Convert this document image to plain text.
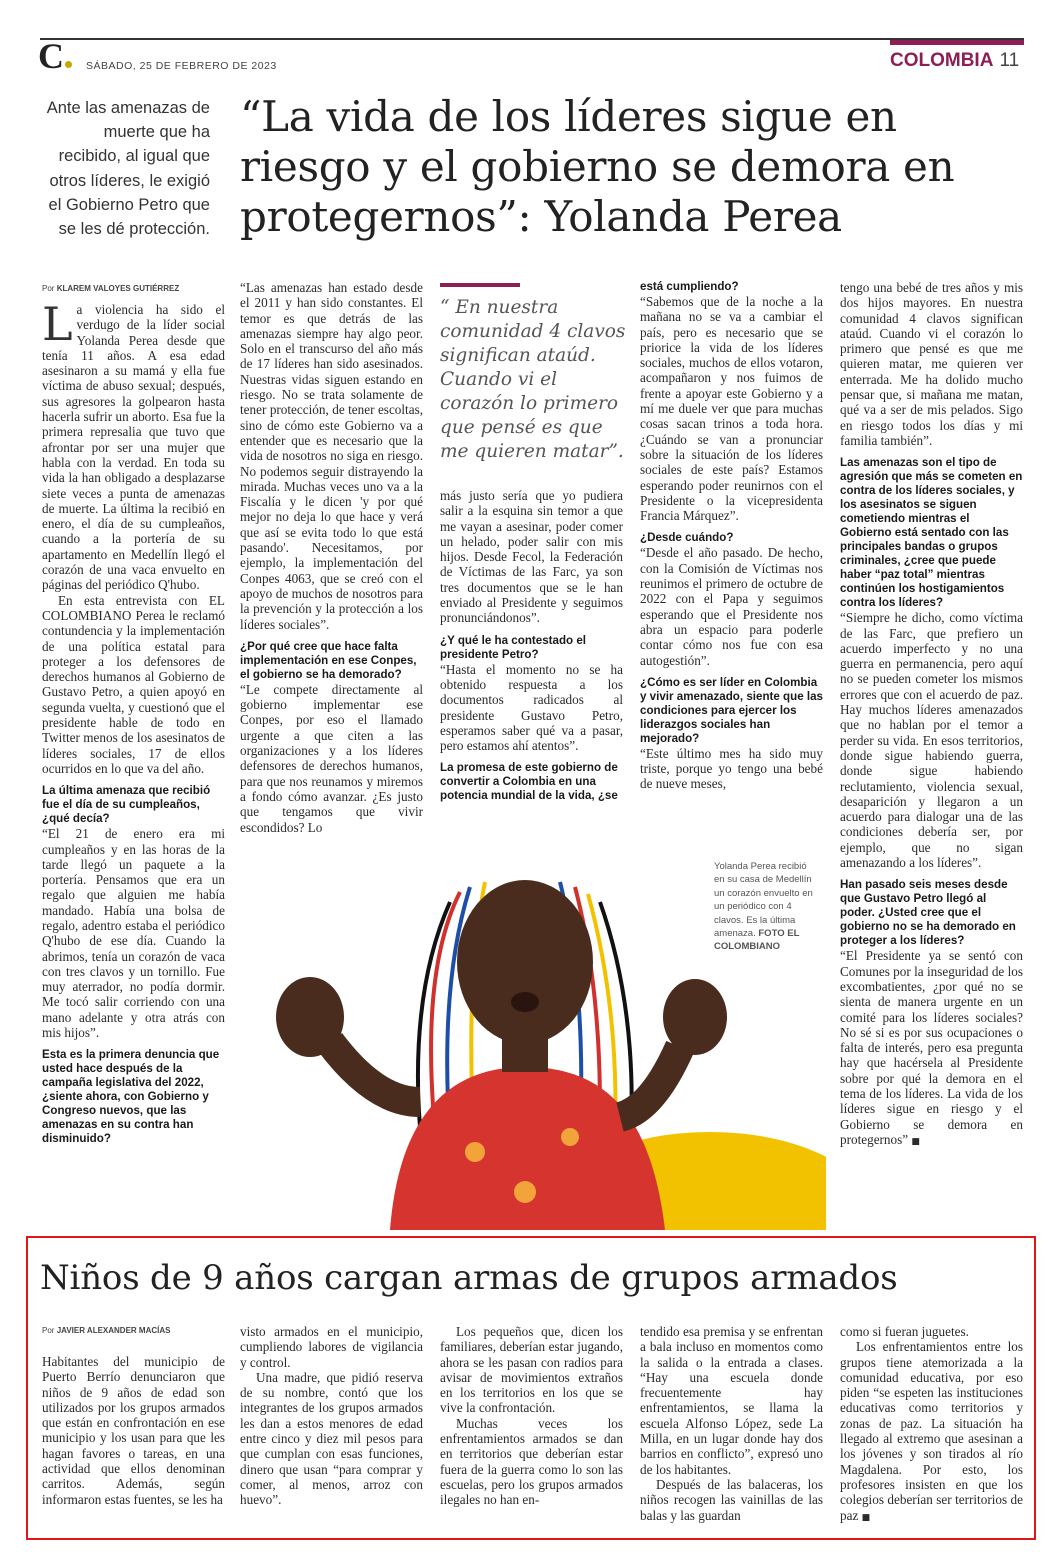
C	SÁBADO, 25 DE FEBRERO DE 2023	COLOMBIA 11
Ante las amenazas de muerte que ha recibido, al igual que otros líderes, le exigió el Gobierno Petro que se les dé protección.
“La vida de los líderes sigue en riesgo y el gobierno se demora en protegernos”: Yolanda Perea
Por KLAREM VALOYES GUTIÉRREZ

La violencia ha sido el verdugo de la líder social Yolanda Perea desde que tenía 11 años. A esa edad asesinaron a su mamá y ella fue víctima de abuso sexual; después, sus agresores la golpearon hasta hacerla sufrir un aborto. Esa fue la primera represalia que tuvo que afrontar por ser una mujer que habla con la verdad. En toda su vida la han obligado a desplazarse siete veces a punta de amenazas de muerte. La última la recibió en enero, el día de su cumpleaños, cuando a la portería de su apartamento en Medellín llegó el corazón de una vaca envuelto en páginas del periódico Q'hubo.

En esta entrevista con EL COLOMBIANO Perea le reclamó contundencia y la implementación de una política estatal para proteger a los defensores de derechos humanos al Gobierno de Gustavo Petro, a quien apoyó en segunda vuelta, y cuestionó que el presidente hable de todo en Twitter menos de los asesinatos de líderes sociales, 17 de ellos ocurridos en lo que va del año.

La última amenaza que recibió fue el día de su cumpleaños, ¿qué decía?

“El 21 de enero era mi cumpleaños y en las horas de la tarde llegó un paquete a la portería. Pensamos que era un regalo que alguien me había mandado. Había una bolsa de regalo, adentro estaba el periódico Q'hubo de ese día. Cuando la abrimos, tenía un corazón de vaca con tres clavos y un tornillo. Fue muy aterrador, no podía dormir. Me tocó salir corriendo con una mano adelante y otra atrás con mis hijos”.

Esta es la primera denuncia que usted hace después de la campaña legislativa del 2022, ¿siente ahora, con Gobierno y Congreso nuevos, que las amenazas en su contra han disminuido?

“Las amenazas han estado desde el 2011 y han sido constantes. El temor es que detrás de las amenazas siempre hay algo peor. Solo en el transcurso del año más de 17 líderes han sido asesinados. Nuestras vidas siguen estando en riesgo. No se trata solamente de tener protección, de tener escoltas, sino de cómo este Gobierno va a entender que es necesario que la vida de nosotros no siga en riesgo. No podemos seguir distrayendo la mirada. Muchas veces uno va a la Fiscalía y le dicen 'y por qué mejor no deja lo que hace y verá que así se evita todo lo que está pasando'. Necesitamos, por ejemplo, la implementación del Conpes 4063, que se creó con el apoyo de muchos de nosotros para la prevención y la protección a los líderes sociales”.

¿Por qué cree que hace falta implementación en ese Conpes, el gobierno se ha demorado?

“Le compete directamente al gobierno implementar ese Conpes, por eso el llamado urgente a que citen a las organizaciones y a los líderes defensores de derechos humanos, para que nos reunamos y miremos a fondo cómo avanzar. ¿Es justo que tengamos que vivir escondidos? Lo

“ En nuestra comunidad 4 clavos significan ataúd. Cuando vi el corazón lo primero que pensé es que me quieren matar”.

más justo sería que yo pudiera salir a la esquina sin temor a que me vayan a asesinar, poder comer un helado, poder salir con mis hijos. Desde Fecol, la Federación de Víctimas de las Farc, ya son tres documentos que se le han enviado al Presidente y seguimos pronunciándonos”.

¿Y qué le ha contestado el presidente Petro?

“Hasta el momento no se ha obtenido respuesta a los documentos radicados al presidente Gustavo Petro, esperamos saber qué va a pasar, pero estamos ahí atentos”.

La promesa de este gobierno de convertir a Colombia en una potencia mundial de la vida, ¿se

está cumpliendo?

“Sabemos que de la noche a la mañana no se va a cambiar el país, pero es necesario que se priorice la vida de los líderes sociales, muchos de ellos votaron, acompañaron y nos fuimos de frente a apoyar este Gobierno y a mí me duele ver que para muchas cosas sacan trinos a toda hora. ¿Cuándo se van a pronunciar sobre la situación de los líderes sociales de este país? Estamos esperando poder reunirnos con el Presidente o la vicepresidenta Francia Márquez”.

¿Desde cuándo?

“Desde el año pasado. De hecho, con la Comisión de Víctimas nos reunimos el primero de octubre de 2022 con el Papa y seguimos esperando que el Presidente nos abra un espacio para poderle contar cómo nos fue con esa autogestión”.

¿Cómo es ser líder en Colombia y vivir amenazado, siente que las condiciones para ejercer los liderazgos sociales han mejorado?

“Este último mes ha sido muy triste, porque yo tengo una bebé de nueve meses,

tengo una bebé de tres años y mis dos hijos mayores. En nuestra comunidad 4 clavos significan ataúd. Cuando vi el corazón lo primero que pensé es que me quieren matar, me quieren ver enterrada. Me ha dolido mucho pensar que, si mañana me matan, qué va a ser de mis pelados. Sigo en riesgo todos los días y mi familia también”.

Las amenazas son el tipo de agresión que más se cometen en contra de los líderes sociales, y los asesinatos se siguen cometiendo mientras el Gobierno está sentado con las principales bandas o grupos criminales, ¿cree que puede haber “paz total” mientras continúen los hostigamientos contra los líderes?

“Siempre he dicho, como víctima de las Farc, que prefiero un acuerdo imperfecto y no una guerra en permanencia, pero aquí no se pueden cometer los mismos errores que con el acuerdo de paz. Hay muchos líderes amenazados que no hablan por el temor a perder su vida. En esos territorios, donde sigue habiendo guerra, donde sigue habiendo reclutamiento, violencia sexual, desaparición y llegaron a un acuerdo para dialogar una de las condiciones debería ser, por ejemplo, que no sigan amenazando a los líderes”.

Han pasado seis meses desde que Gustavo Petro llegó al poder. ¿Usted cree que el gobierno no se ha demorado en proteger a los líderes?

“El Presidente ya se sentó con Comunes por la inseguridad de los excombatientes, ¿por qué no se sienta de manera urgente en un comité para los líderes sociales? No sé si es por sus ocupaciones o falta de interés, pero esa pregunta hay que hacérsela al Presidente sobre por qué la demora en el tema de los líderes. La vida de los líderes sigue en riesgo y el Gobierno se demora en protegernos” ■

Yolanda Perea recibió en su casa de Medellín un corazón envuelto en un periódico con 4 clavos. Es la última amenaza. FOTO EL COLOMBIANO
Niños de 9 años cargan armas de grupos armados
Por JAVIER ALEXANDER MACÍAS

Habitantes del municipio de Puerto Berrío denunciaron que niños de 9 años de edad son utilizados por los grupos armados que están en confrontación en ese municipio y los usan para que les hagan favores o tareas, en una actividad que ellos denominan carritos. Además, según informaron estas fuentes, se les ha

visto armados en el municipio, cumpliendo labores de vigilancia y control.

Una madre, que pidió reserva de su nombre, contó que los integrantes de los grupos armados les dan a estos menores de edad entre cinco y diez mil pesos para que cumplan con esas funciones, dinero que usan “para comprar y comer, al menos, arroz con huevo”.

Los pequeños que, dicen los familiares, deberían estar jugando, ahora se les pasan con radios para avisar de movimientos extraños en los territorios en los que se vive la confrontación.

Muchas veces los enfrentamientos armados se dan en territorios que deberían estar fuera de la guerra como lo son las escuelas, pero los grupos armados ilegales no han en-

tendido esa premisa y se enfrentan a bala incluso en momentos como la salida o la entrada a clases. “Hay una escuela donde frecuentemente hay enfrentamientos, se llama la escuela Alfonso López, sede La Milla, en un lugar donde hay dos barrios en conflicto”, expresó uno de los habitantes.

Después de las balaceras, los niños recogen las vainillas de las balas y las guardan

como si fueran juguetes.

Los enfrentamientos entre los grupos tiene atemorizada a la comunidad educativa, por eso piden “se espeten las instituciones educativas como territorios y zonas de paz. La situación ha llegado al extremo que asesinan a los jóvenes y son tirados al río Magdalena. Por esto, los profesores insisten en que los colegios deberían ser territorios de paz ■
